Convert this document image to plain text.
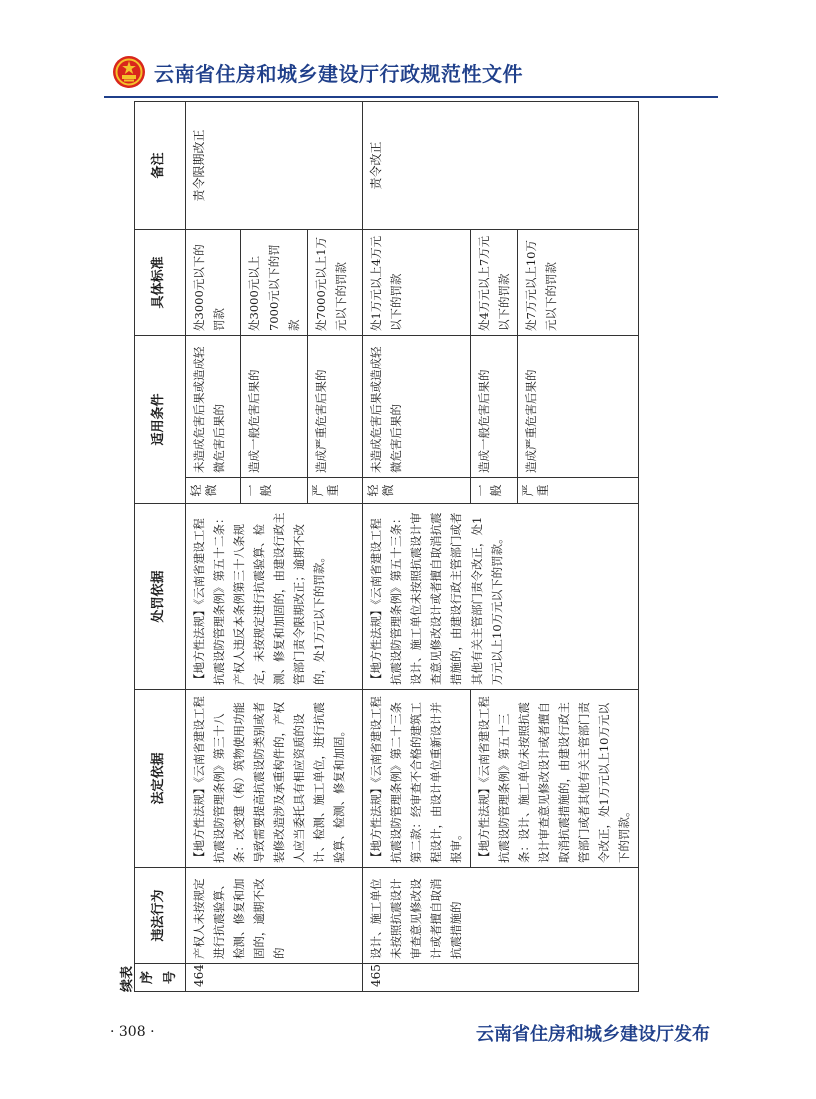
云南省住房和城乡建设厅行政规范性文件
续表 序号	违法行为	法定依据	处罚依据	适用条件		具体标准	备注
464	产权人未按规定进行抗震验算、检测、修复和加固的，逾期不改的	【地方性法规】《云南省建设工程抗震设防管理条例》第三十八条：改变建（构）筑物使用功能导致需要提高抗震设防类别或者装修改造涉及承重构件的，产权人应当委托具有相应资质的设计、检测、施工单位，进行抗震验算、检测、修复和加固。	【地方性法规】《云南省建设工程抗震设防管理条例》第五十二条：产权人违反本条例第三十八条规定，未按规定进行抗震验算、检测、修复和加固的，由建设行政主管部门责令限期改正；逾期不改的，处1万元以下的罚款。	轻微	未造成危害后果或造成轻微危害后果的	处3000元以下的罚款	责令限期改正

				一般	造成一般危害后果的	处3000元以上7000元以下的罚款	

				严重	造成严重危害后果的	处7000元以上1万元以下的罚款	
465	设计、施工单位未按照抗震设计审查意见修改设计或者擅自取消抗震措施的	【地方性法规】《云南省建设工程抗震设防管理条例》第二十三条第二款：经审查不合格的建筑工程设计，由设计单位重新设计并报审。	【地方性法规】《云南省建设工程抗震设防管理条例》第五十三条：设计、施工单位未按照抗震设计审查意见修改设计或者擅自取消抗震措施的，由建设行政主管部门或者其他有关主管部门责令改正，处1万元以上10万元以下的罚款。	轻微	未造成危害后果或造成轻微危害后果的	处1万元以上4万元以下的罚款	责令改正
		【地方性法规】《云南省建设工程抗震设防管理条例》第五十三条：设计、施工单位未按照抗震设计审查意见修改设计或者擅自取消抗震措施的，由建设行政主管部门或者其他有关主管部门责令改正，处1万元以上10万元以下的罚款。		一般	造成一般危害后果的	处4万元以上7万元以下的罚款	

				严重	造成严重危害后果的	处7万元以上10万元以下的罚款	

· 308 ·	云南省住房和城乡建设厅发布
